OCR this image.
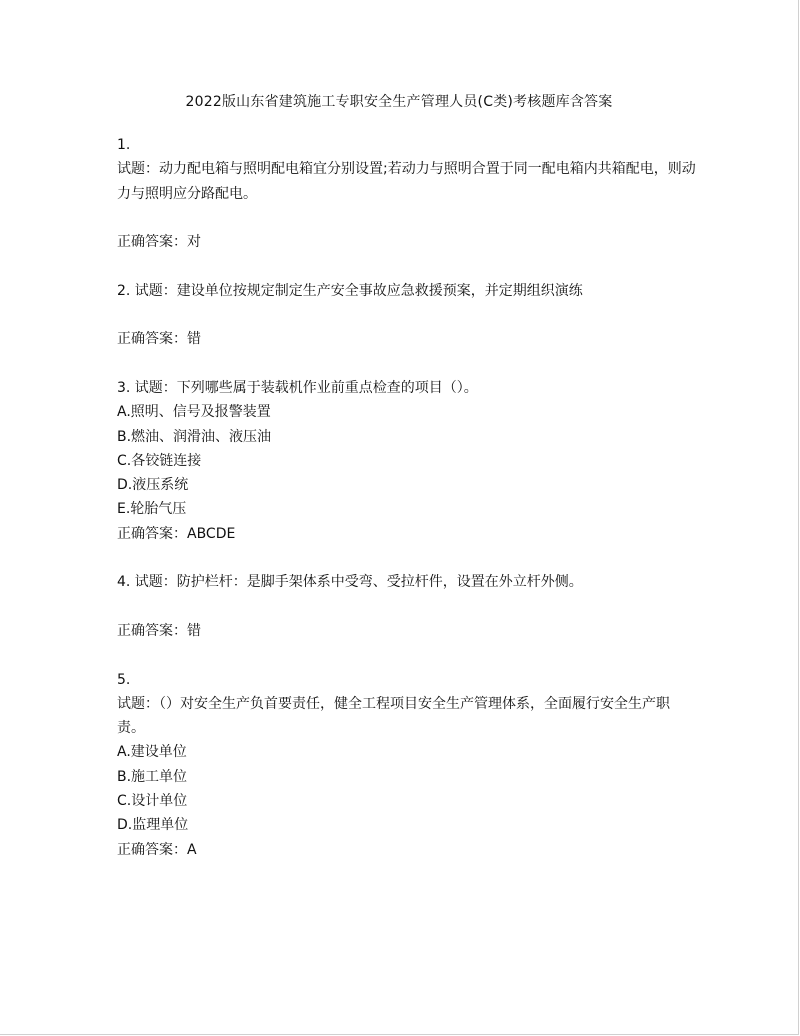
2022版山东省建筑施工专职安全生产管理人员(C类)考核题库含答案

1.

试题：动力配电箱与照明配电箱宜分别设置;若动力与照明合置于同一配电箱内共箱配电，则动力与照明应分路配电。

正确答案：对

2. 试题：建设单位按规定制定生产安全事故应急救援预案，并定期组织演练

正确答案：错

3. 试题：下列哪些属于装载机作业前重点检查的项目（）。

A.照明、信号及报警装置

B.燃油、润滑油、液压油

C.各铰链连接

D.液压系统

E.轮胎气压

正确答案：ABCDE

4. 试题：防护栏杆：是脚手架体系中受弯、受拉杆件，设置在外立杆外侧。

正确答案：错

5.

试题：（）对安全生产负首要责任，健全工程项目安全生产管理体系，全面履行安全生产职责。

A.建设单位

B.施工单位

C.设计单位

D.监理单位

正确答案：A
